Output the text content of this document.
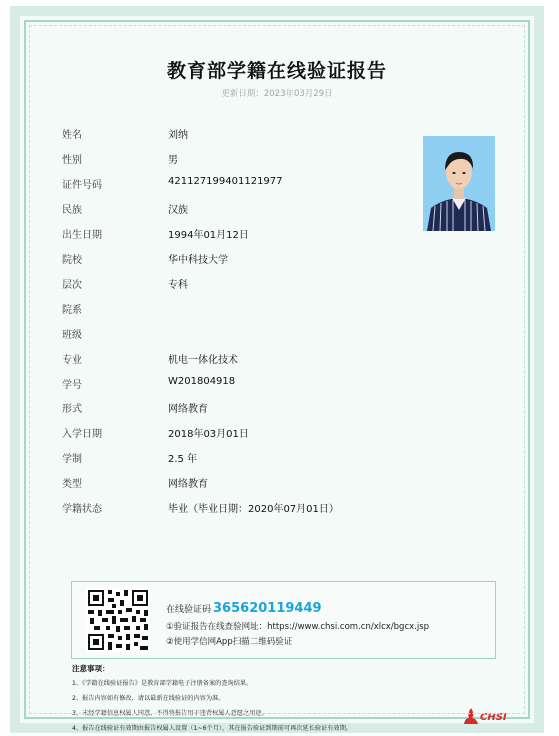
教育部学籍在线验证报告
更新日期：2023年03月29日
姓名	刘纳
性别	男
证件号码	421127199401121977
民族	汉族
出生日期	1994年01月12日
院校	华中科技大学
层次	专科
院系
班级
专业	机电一体化技术
学号	W201804918
形式	网络教育
入学日期	2018年03月01日
学制	2.5 年
类型	网络教育
学籍状态	毕业（毕业日期：2020年07月01日）
在线验证码 365620119449
①验证报告在线查验网址：https://www.chsi.com.cn/xlcx/bgcx.jsp
②使用学信网App扫描二维码验证
注意事项：
1、《学籍在线验证报告》是教育部学籍电子注册备案的查询结果。
2、报告内容如有修改，请以最新在线验证的内容为准。
3、未经学籍信息权属人同意，不得将报告用于违背权属人意愿之用途。
4、报告在线验证有效期由报告权属人设置（1~6个月），其在报告验证到期前可再次延长验证有效期。
CHSI
